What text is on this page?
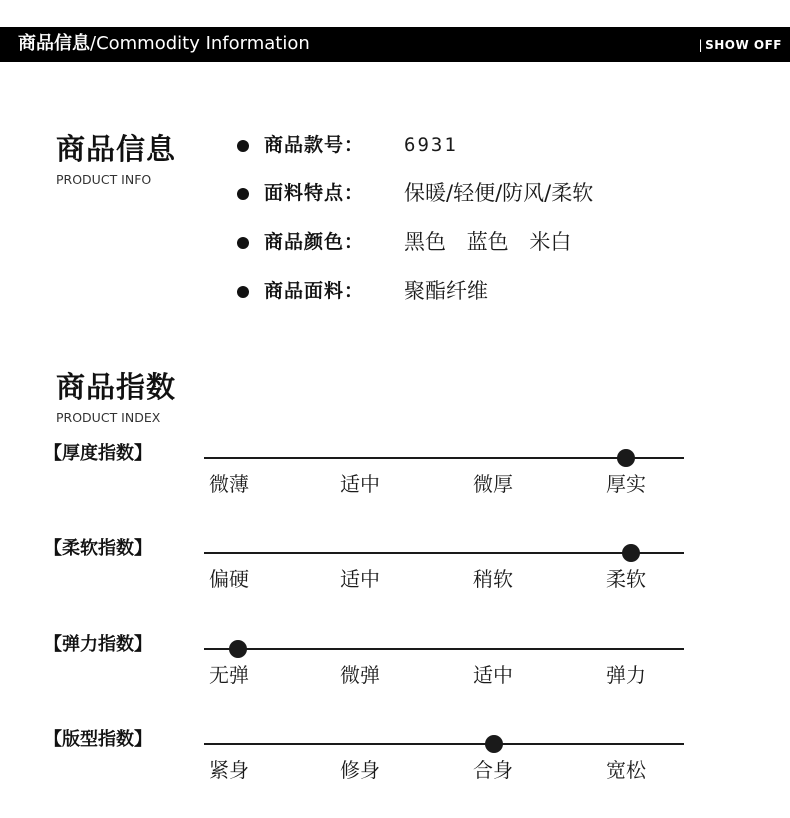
商品信息/Commodity Information	| SHOW OFF
商品信息
PRODUCT INFO
商品款号： 6931
面料特点： 保暖/轻便/防风/柔软
商品颜色： 黑色 蓝色 米白
商品面料： 聚酯纤维
商品指数
PRODUCT INDEX
【厚度指数】
微薄	适中	微厚	厚实
【柔软指数】
偏硬	适中	稍软	柔软
【弹力指数】
无弹	微弹	适中	弹力
【版型指数】
紧身	修身	合身	宽松
